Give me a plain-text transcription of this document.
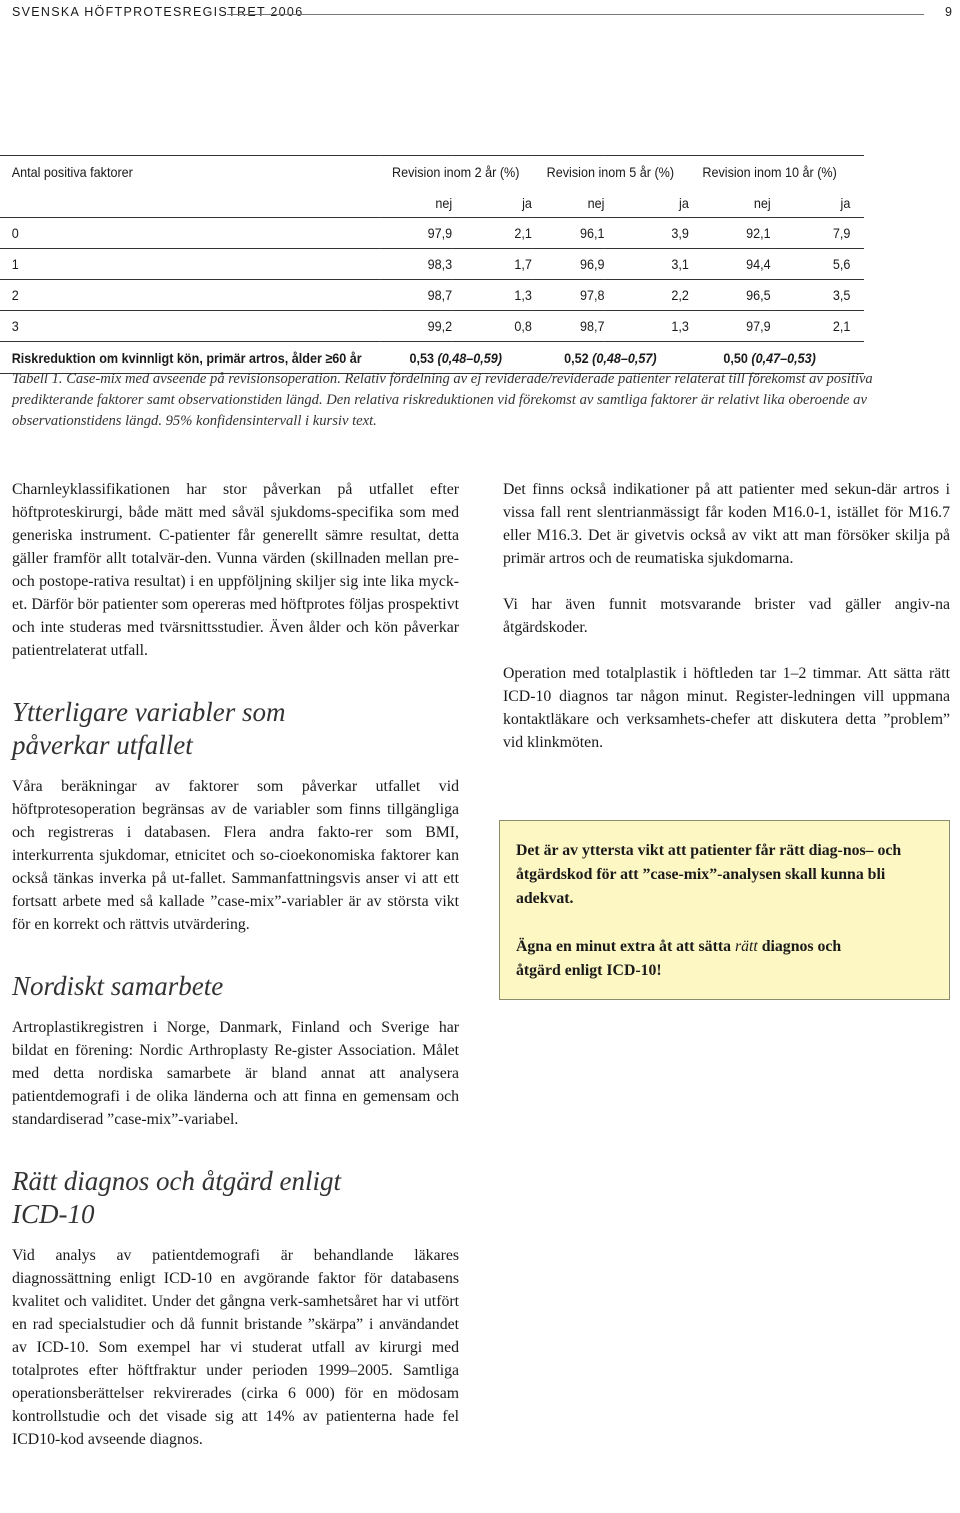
SVENSKA HÖFTPROTESREGISTRET 2006	9
Antal positiva faktorer	Revision inom 2 år (%)		Revision inom 5 år (%)		Revision inom 10 år (%)		
	nej	ja	nej	ja	nej	ja	
0	97,9	2,1	96,1	3,9	92,1	7,9	
1	98,3	1,7	96,9	3,1	94,4	5,6	
2	98,7	1,3	97,8	2,2	96,5	3,5	
3	99,2	0,8	98,7	1,3	97,9	2,1	
Riskreduktion om kvinnligt kön, primär artros, ålder ≥60 år	0,53 (0,48–0,59)		0,52 (0,48–0,57)		0,50 (0,47–0,53)		
Tabell 1. Case-mix med avseende på revisionsoperation. Relativ fördelning av ej reviderade/reviderade patienter relaterat till förekomst av positiva predikterande faktorer samt observationstiden längd. Den relativa riskreduktionen vid förekomst av samtliga faktorer är relativt lika oberoende av observationstidens längd. 95% konfidensintervall i kursiv text.

Charnleyklassifikationen har stor påverkan på utfallet efter höftproteskirurgi, både mätt med såväl sjukdoms-specifika som med generiska instrument. C-patienter får generellt sämre resultat, detta gäller framför allt totalvär-den. Vunna värden (skillnaden mellan pre- och postope-rativa resultat) i en uppföljning skiljer sig inte lika myck-et. Därför bör patienter som opereras med höftprotes följas prospektivt och inte studeras med tvärsnittsstudier. Även ålder och kön påverkar patientrelaterat utfall.

Ytterligare variabler som påverkar utfallet

Våra beräkningar av faktorer som påverkar utfallet vid höftprotesoperation begränsas av de variabler som finns tillgängliga och registreras i databasen. Flera andra fakto-rer som BMI, interkurrenta sjukdomar, etnicitet och so-cioekonomiska faktorer kan också tänkas inverka på ut-fallet. Sammanfattningsvis anser vi att ett fortsatt arbete med så kallade ”case-mix”-variabler är av största vikt för en korrekt och rättvis utvärdering.

Nordiskt samarbete

Artroplastikregistren i Norge, Danmark, Finland och Sverige har bildat en förening: Nordic Arthroplasty Re-gister Association. Målet med detta nordiska samarbete är bland annat att analysera patientdemografi i de olika länderna och att finna en gemensam och standardiserad ”case-mix”-variabel.

Rätt diagnos och åtgärd enligt ICD-10

Vid analys av patientdemografi är behandlande läkares diagnossättning enligt ICD-10 en avgörande faktor för databasens kvalitet och validitet. Under det gångna verk-samhetsåret har vi utfört en rad specialstudier och då funnit bristande ”skärpa” i användandet av ICD-10. Som exempel har vi studerat utfall av kirurgi med totalprotes efter höftfraktur under perioden 1999–2005. Samtliga operationsberättelser rekvirerades (cirka 6 000) för en mödosam kontrollstudie och det visade sig att 14% av patienterna hade fel ICD10-kod avseende diagnos.

Det finns också indikationer på att patienter med sekun-där artros i vissa fall rent slentrianmässigt får koden M16.0-1, istället för M16.7 eller M16.3. Det är givetvis också av vikt att man försöker skilja på primär artros och de reumatiska sjukdomarna.

Vi har även funnit motsvarande brister vad gäller angiv-na åtgärdskoder.

Operation med totalplastik i höftleden tar 1–2 timmar. Att sätta rätt ICD-10 diagnos tar någon minut. Register-ledningen vill uppmana kontaktläkare och verksamhets-chefer att diskutera detta ”problem” vid klinkmöten.

Det är av yttersta vikt att patienter får rätt diag-nos– och åtgärdskod för att ”case-mix”-analysen skall kunna bli adekvat.

Ägna en minut extra åt att sätta rätt diagnos och åtgärd enligt ICD-10!
